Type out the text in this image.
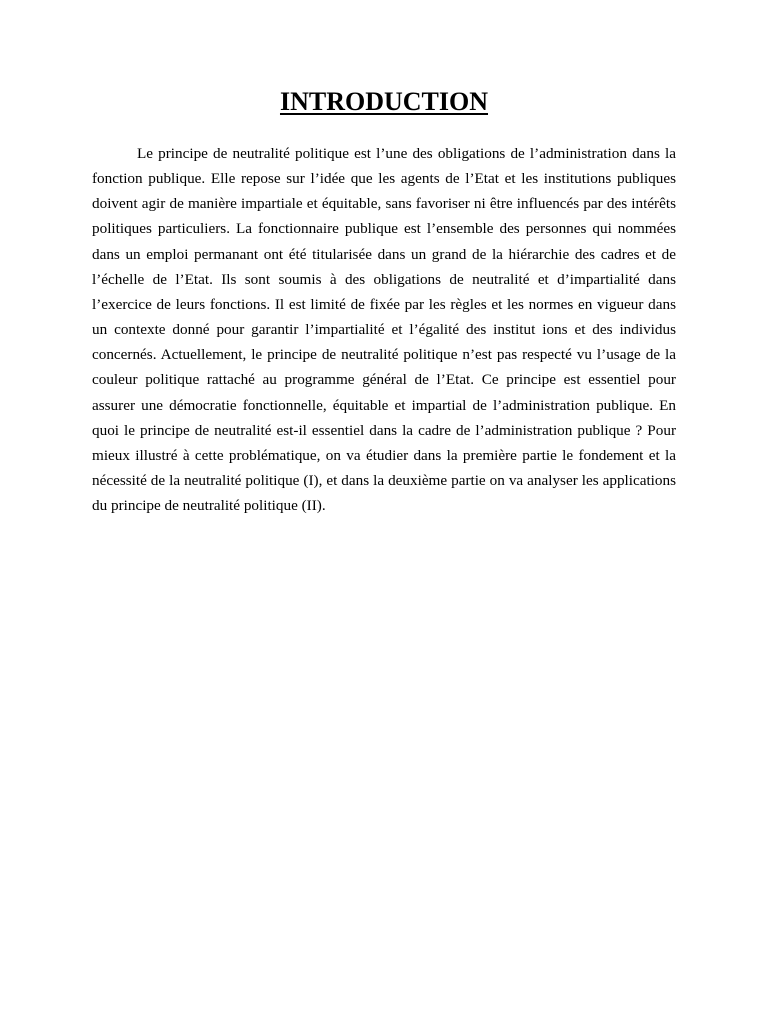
INTRODUCTION

Le principe de neutralité politique est l’une des obligations de l’administration dans la fonction publique. Elle repose sur l’idée que les agents de l’Etat et les institutions publiques doivent agir de manière impartiale et équitable, sans favoriser ni être influencés par des intérêts politiques particuliers. La fonctionnaire publique est l’ensemble des personnes qui nommées dans un emploi permanant ont été titularisée dans un grand de la hiérarchie des cadres et de l’échelle de l’Etat. Ils sont soumis à des obligations de neutralité et d’impartialité dans l’exercice de leurs fonctions. Il est limité de fixée par les règles et les normes en vigueur dans un contexte donné pour garantir l’impartialité et l’égalité des institut ions et des individus concernés. Actuellement, le principe de neutralité politique n’est pas respecté vu l’usage de la couleur politique rattaché au programme général de l’Etat. Ce principe est essentiel pour assurer une démocratie fonctionnelle, équitable et impartial de l’administration publique. En quoi le principe de neutralité est-il essentiel dans la cadre de l’administration publique ? Pour mieux illustré à cette problématique, on va étudier dans la première partie le fondement et la nécessité de la neutralité politique (I), et dans la deuxième partie on va analyser les applications du principe de neutralité politique (II).
